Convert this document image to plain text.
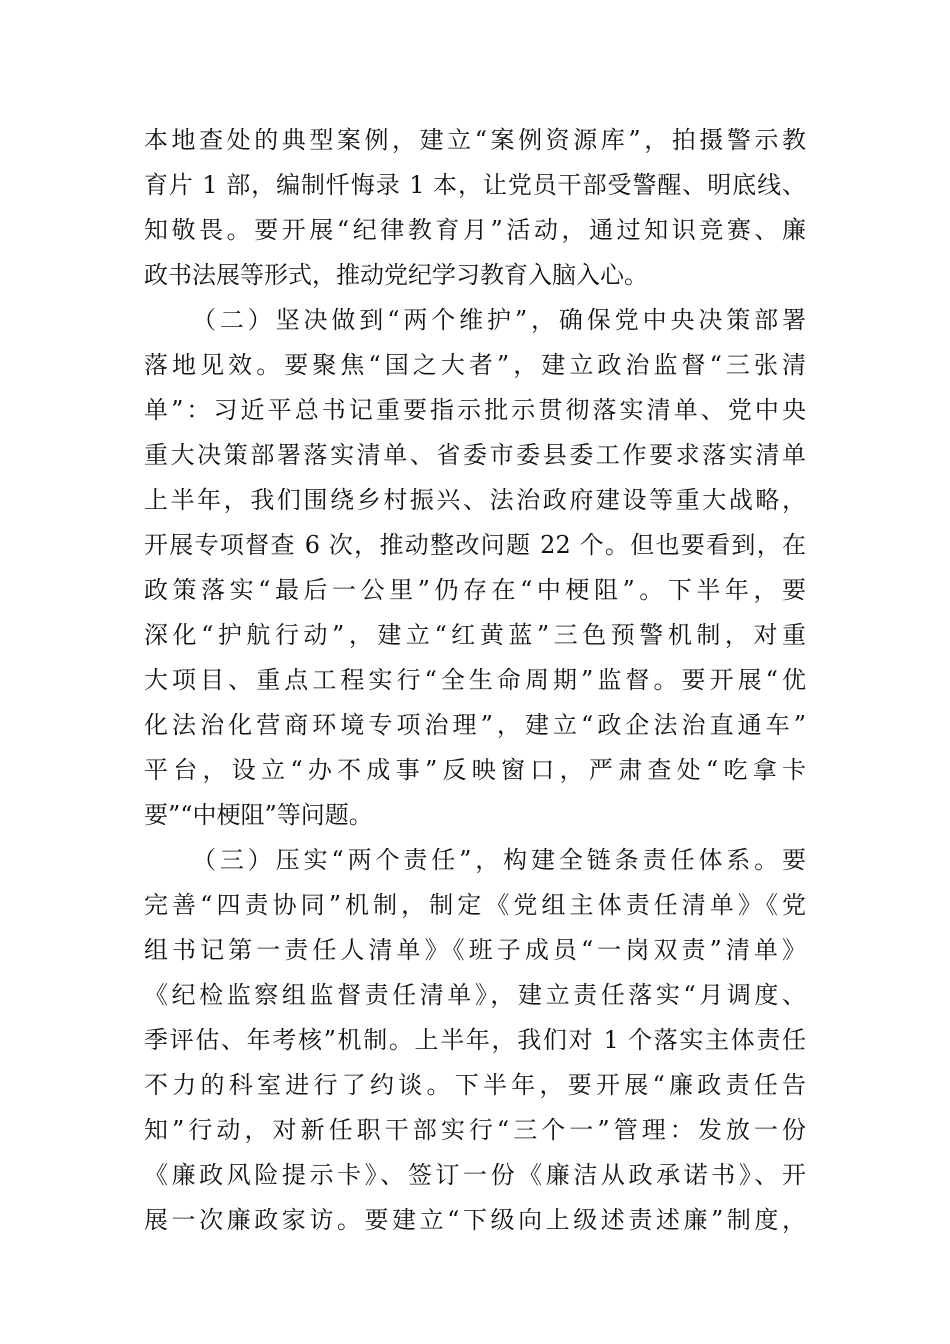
本地查处的典型案例，建立“案例资源库”，拍摄警示教
育片 1 部，编制忏悔录 1 本，让党员干部受警醒、明底线、
知敬畏。要开展“纪律教育月”活动，通过知识竞赛、廉
政书法展等形式，推动党纪学习教育入脑入心。
（二）坚决做到“两个维护”，确保党中央决策部署
落地见效。要聚焦“国之大者”，建立政治监督“三张清
单”：习近平总书记重要指示批示贯彻落实清单、党中央
重大决策部署落实清单、省委市委县委工作要求落实清单
上半年，我们围绕乡村振兴、法治政府建设等重大战略，
开展专项督查 6 次，推动整改问题 22 个。但也要看到，在
政策落实“最后一公里”仍存在“中梗阻”。下半年，要
深化“护航行动”，建立“红黄蓝”三色预警机制，对重
大项目、重点工程实行“全生命周期”监督。要开展“优
化法治化营商环境专项治理”，建立“政企法治直通车”
平台，设立“办不成事”反映窗口，严肃查处“吃拿卡
要”“中梗阻”等问题。
（三）压实“两个责任”，构建全链条责任体系。要
完善“四责协同”机制，制定《党组主体责任清单》《党
组书记第一责任人清单》《班子成员“一岗双责”清单》
《纪检监察组监督责任清单》，建立责任落实“月调度、
季评估、年考核”机制。上半年，我们对 1 个落实主体责任
不力的科室进行了约谈。下半年，要开展“廉政责任告
知”行动，对新任职干部实行“三个一”管理：发放一份
《廉政风险提示卡》、签订一份《廉洁从政承诺书》、开
展一次廉政家访。要建立“下级向上级述责述廉”制度，
